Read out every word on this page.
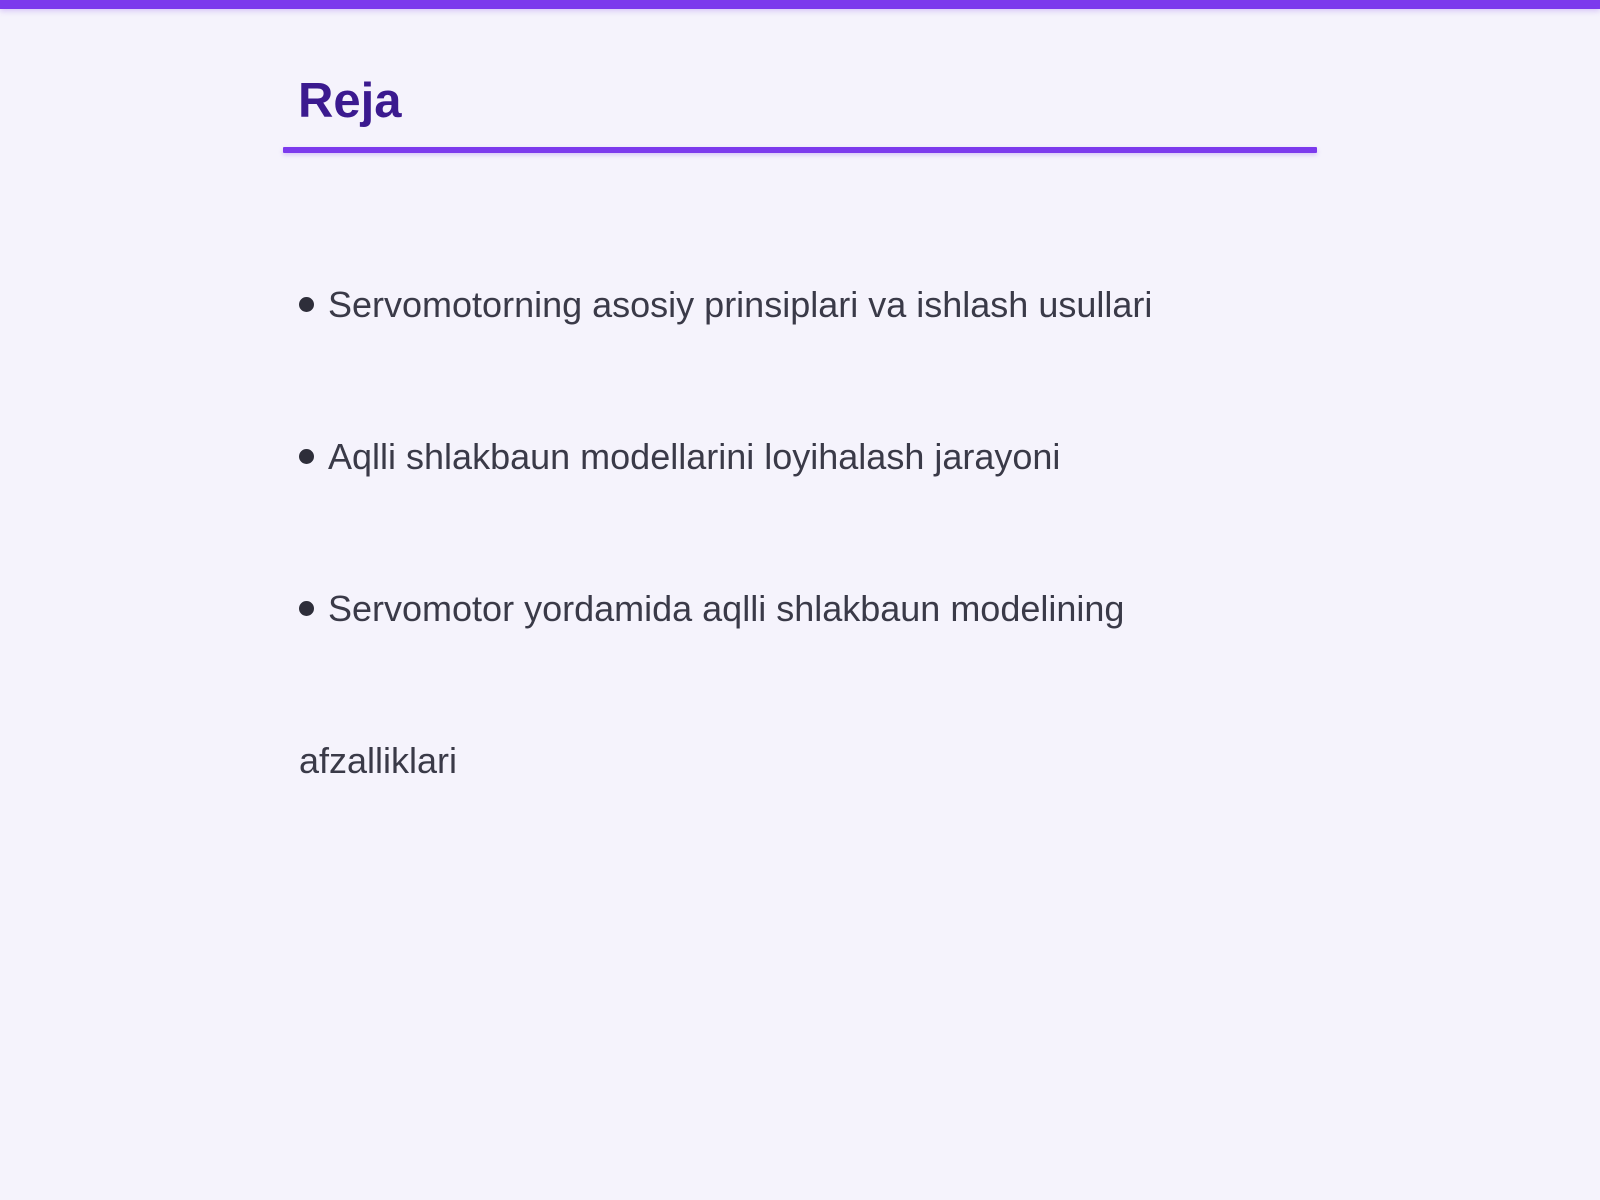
Reja
Servomotorning asosiy prinsiplari va ishlash usullari
Aqlli shlakbaun modellarini loyihalash jarayoni
Servomotor yordamida aqlli shlakbaun modelining
afzalliklari
